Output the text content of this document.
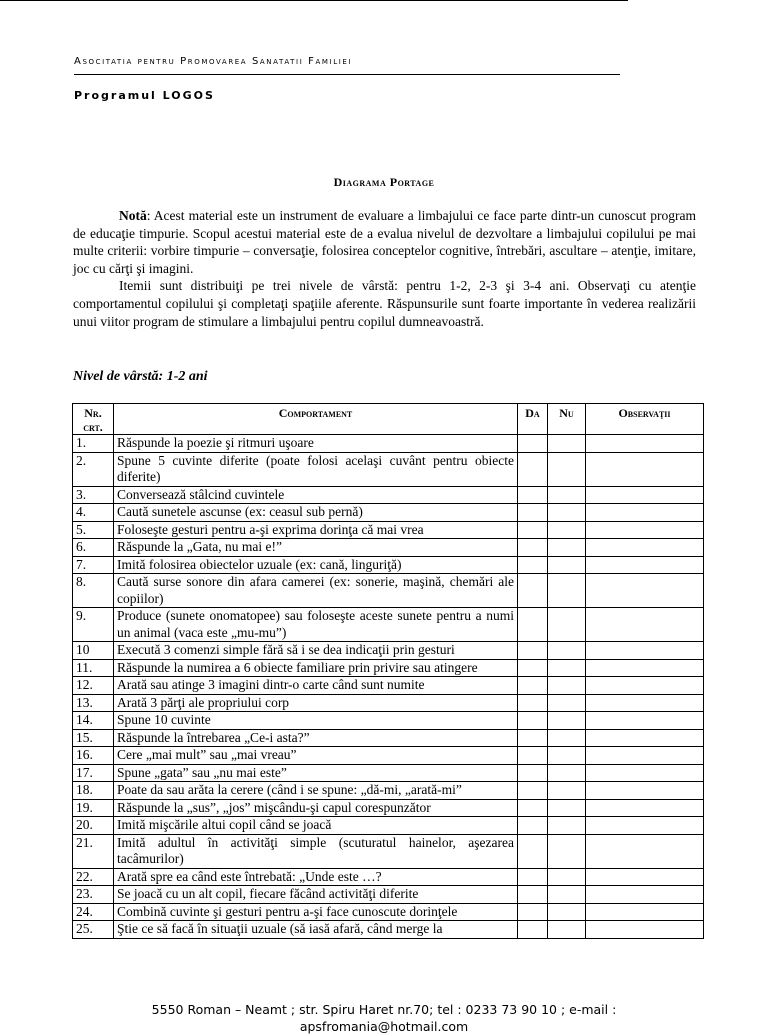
Asocitatia pentru Promovarea Sanatatii Familiei
Programul LOGOS
Diagrama Portage

Notă: Acest material este un instrument de evaluare a limbajului ce face parte dintr-un cunoscut program de educaţie timpurie. Scopul acestui material este de a evalua nivelul de dezvoltare a limbajului copilului pe mai multe criterii: vorbire timpurie – conversaţie, folosirea conceptelor cognitive, întrebări, ascultare – atenţie, imitare, joc cu cărţi şi imagini.

Itemii sunt distribuiţi pe trei nivele de vârstă: pentru 1-2, 2-3 şi 3-4 ani. Observaţi cu atenţie comportamentul copilului şi completaţi spaţiile aferente. Răspunsurile sunt foarte importante în vederea realizării unui viitor program de stimulare a limbajului pentru copilul dumneavoastră.

Nivel de vârstă: 1-2 ani
Nr. crt.	Comportament	Da	Nu	Observaţii
1.	Răspunde la poezie şi ritmuri uşoare			
2.	Spune 5 cuvinte diferite (poate folosi acelaşi cuvânt pentru obiecte diferite)			
3.	Conversează stâlcind cuvintele			
4.	Caută sunetele ascunse (ex: ceasul sub pernă)			
5.	Foloseşte gesturi pentru a-şi exprima dorinţa că mai vrea			
6.	Răspunde la „Gata, nu mai e!”			
7.	Imită folosirea obiectelor uzuale (ex: cană, linguriţă)			
8.	Caută surse sonore din afara camerei (ex: sonerie, maşină, chemări ale copiilor)			
9.	Produce (sunete onomatopee) sau foloseşte aceste sunete pentru a numi un animal (vaca este „mu-mu”)			
10	Execută 3 comenzi simple fără să i se dea indicaţii prin gesturi			
11.	Răspunde la numirea a 6 obiecte familiare prin privire sau atingere			
12.	Arată sau atinge 3 imagini dintr-o carte când sunt numite			
13.	Arată 3 părţi ale propriului corp			
14.	Spune 10 cuvinte			
15.	Răspunde la întrebarea „Ce-i asta?”			
16.	Cere „mai mult” sau „mai vreau”			
17.	Spune „gata” sau „nu mai este”			
18.	Poate da sau arăta la cerere (când i se spune: „dă-mi, „arată-mi”			
19.	Răspunde la „sus”, „jos” mişcându-şi capul corespunzător			
20.	Imită mişcările altui copil când se joacă			
21.	Imită adultul în activităţi simple (scuturatul hainelor, aşezarea tacâmurilor)			
22.	Arată spre ea când este întrebată: „Unde este …?			
23.	Se joacă cu un alt copil, fiecare făcând activităţi diferite			
24.	Combină cuvinte şi gesturi pentru a-şi face cunoscute dorinţele			
25.	Ştie ce să facă în situaţii uzuale (să iasă afară, când merge la			
5550 Roman – Neamt ; str. Spiru Haret nr.70; tel : 0233 73 90 10 ; e-mail :
apsfromania@hotmail.com
